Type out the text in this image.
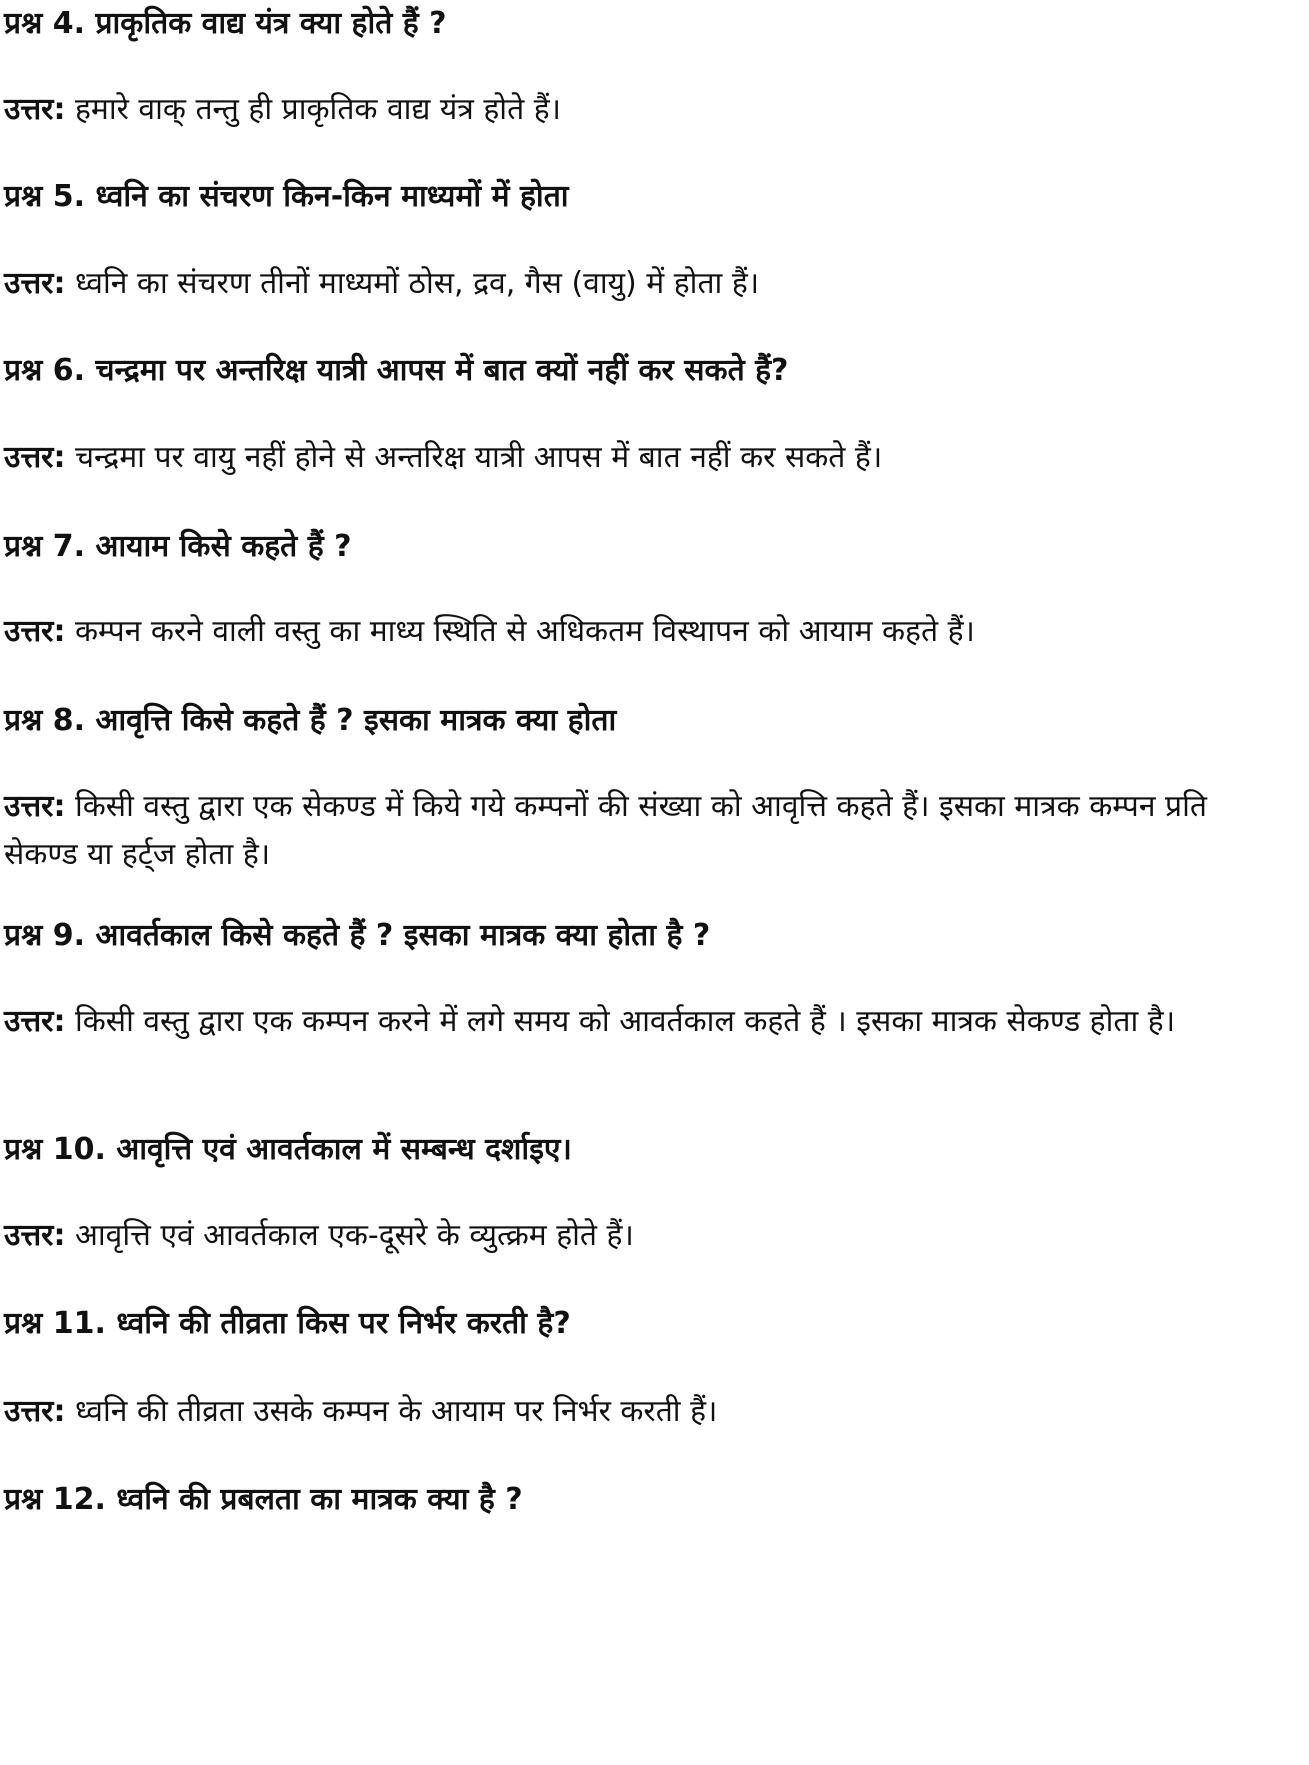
प्रश्न 4. प्राकृतिक वाद्य यंत्र क्या होते हैं ?
उत्तर: हमारे वाक् तन्तु ही प्राकृतिक वाद्य यंत्र होते हैं।
प्रश्न 5. ध्वनि का संचरण किन-किन माध्यमों में होता
उत्तर: ध्वनि का संचरण तीनों माध्यमों ठोस, द्रव, गैस (वायु) में होता हैं।
प्रश्न 6. चन्द्रमा पर अन्तरिक्ष यात्री आपस में बात क्यों नहीं कर सकते हैं?
उत्तर: चन्द्रमा पर वायु नहीं होने से अन्तरिक्ष यात्री आपस में बात नहीं कर सकते हैं।
प्रश्न 7. आयाम किसे कहते हैं ?
उत्तर: कम्पन करने वाली वस्तु का माध्य स्थिति से अधिकतम विस्थापन को आयाम कहते हैं।
प्रश्न 8. आवृत्ति किसे कहते हैं ? इसका मात्रक क्या होता
उत्तर: किसी वस्तु द्वारा एक सेकण्ड में किये गये कम्पनों की संख्या को आवृत्ति कहते हैं। इसका मात्रक कम्पन प्रति सेकण्ड या हर्ट्ज होता है।
प्रश्न 9. आवर्तकाल किसे कहते हैं ? इसका मात्रक क्या होता है ?
उत्तर: किसी वस्तु द्वारा एक कम्पन करने में लगे समय को आवर्तकाल कहते हैं । इसका मात्रक सेकण्ड होता है।
प्रश्न 10. आवृत्ति एवं आवर्तकाल में सम्बन्ध दर्शाइए।
उत्तर: आवृत्ति एवं आवर्तकाल एक-दूसरे के व्युत्क्रम होते हैं।
प्रश्न 11. ध्वनि की तीव्रता किस पर निर्भर करती है?
उत्तर: ध्वनि की तीव्रता उसके कम्पन के आयाम पर निर्भर करती हैं।
प्रश्न 12. ध्वनि की प्रबलता का मात्रक क्या है ?
